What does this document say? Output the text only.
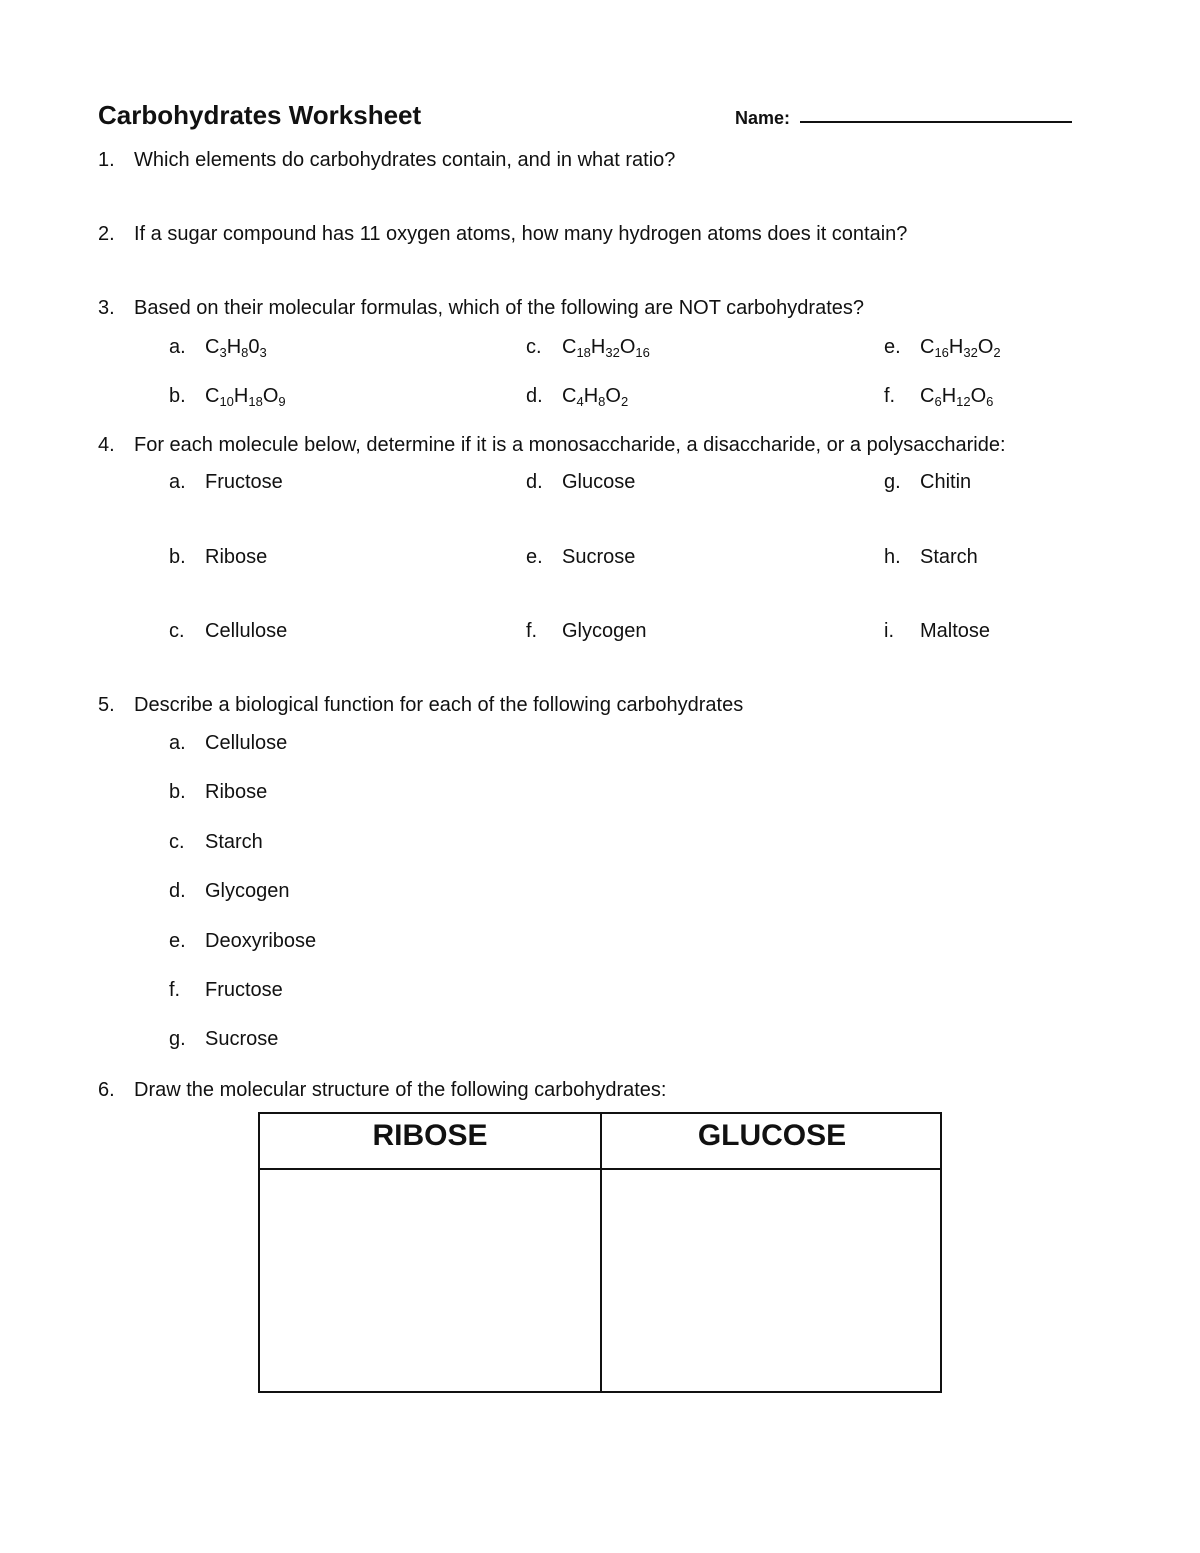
Carbohydrates Worksheet	Name:
1. Which elements do carbohydrates contain, and in what ratio?
2. If a sugar compound has 11 oxygen atoms, how many hydrogen atoms does it contain?
3. Based on their molecular formulas, which of the following are NOT carbohydrates?
a. $C_3H_80_3$	c. $C_{18}H_{32}O_{16}$	e. $C_{16}H_{32}O_2$
b. $C_{10}H_{18}O_9$	d. $C_4H_8O_2$	f. $C_6H_{12}O_6$
4. For each molecule below, determine if it is a monosaccharide, a disaccharide, or a polysaccharide:
a. Fructose	d. Glucose	g. Chitin
b. Ribose	e. Sucrose	h. Starch
c. Cellulose	f. Glycogen	i. Maltose
5. Describe a biological function for each of the following carbohydrates
a. Cellulose
b. Ribose
c. Starch
d. Glycogen
e. Deoxyribose
f. Fructose
g. Sucrose
6. Draw the molecular structure of the following carbohydrates:
RIBOSE	GLUCOSE
